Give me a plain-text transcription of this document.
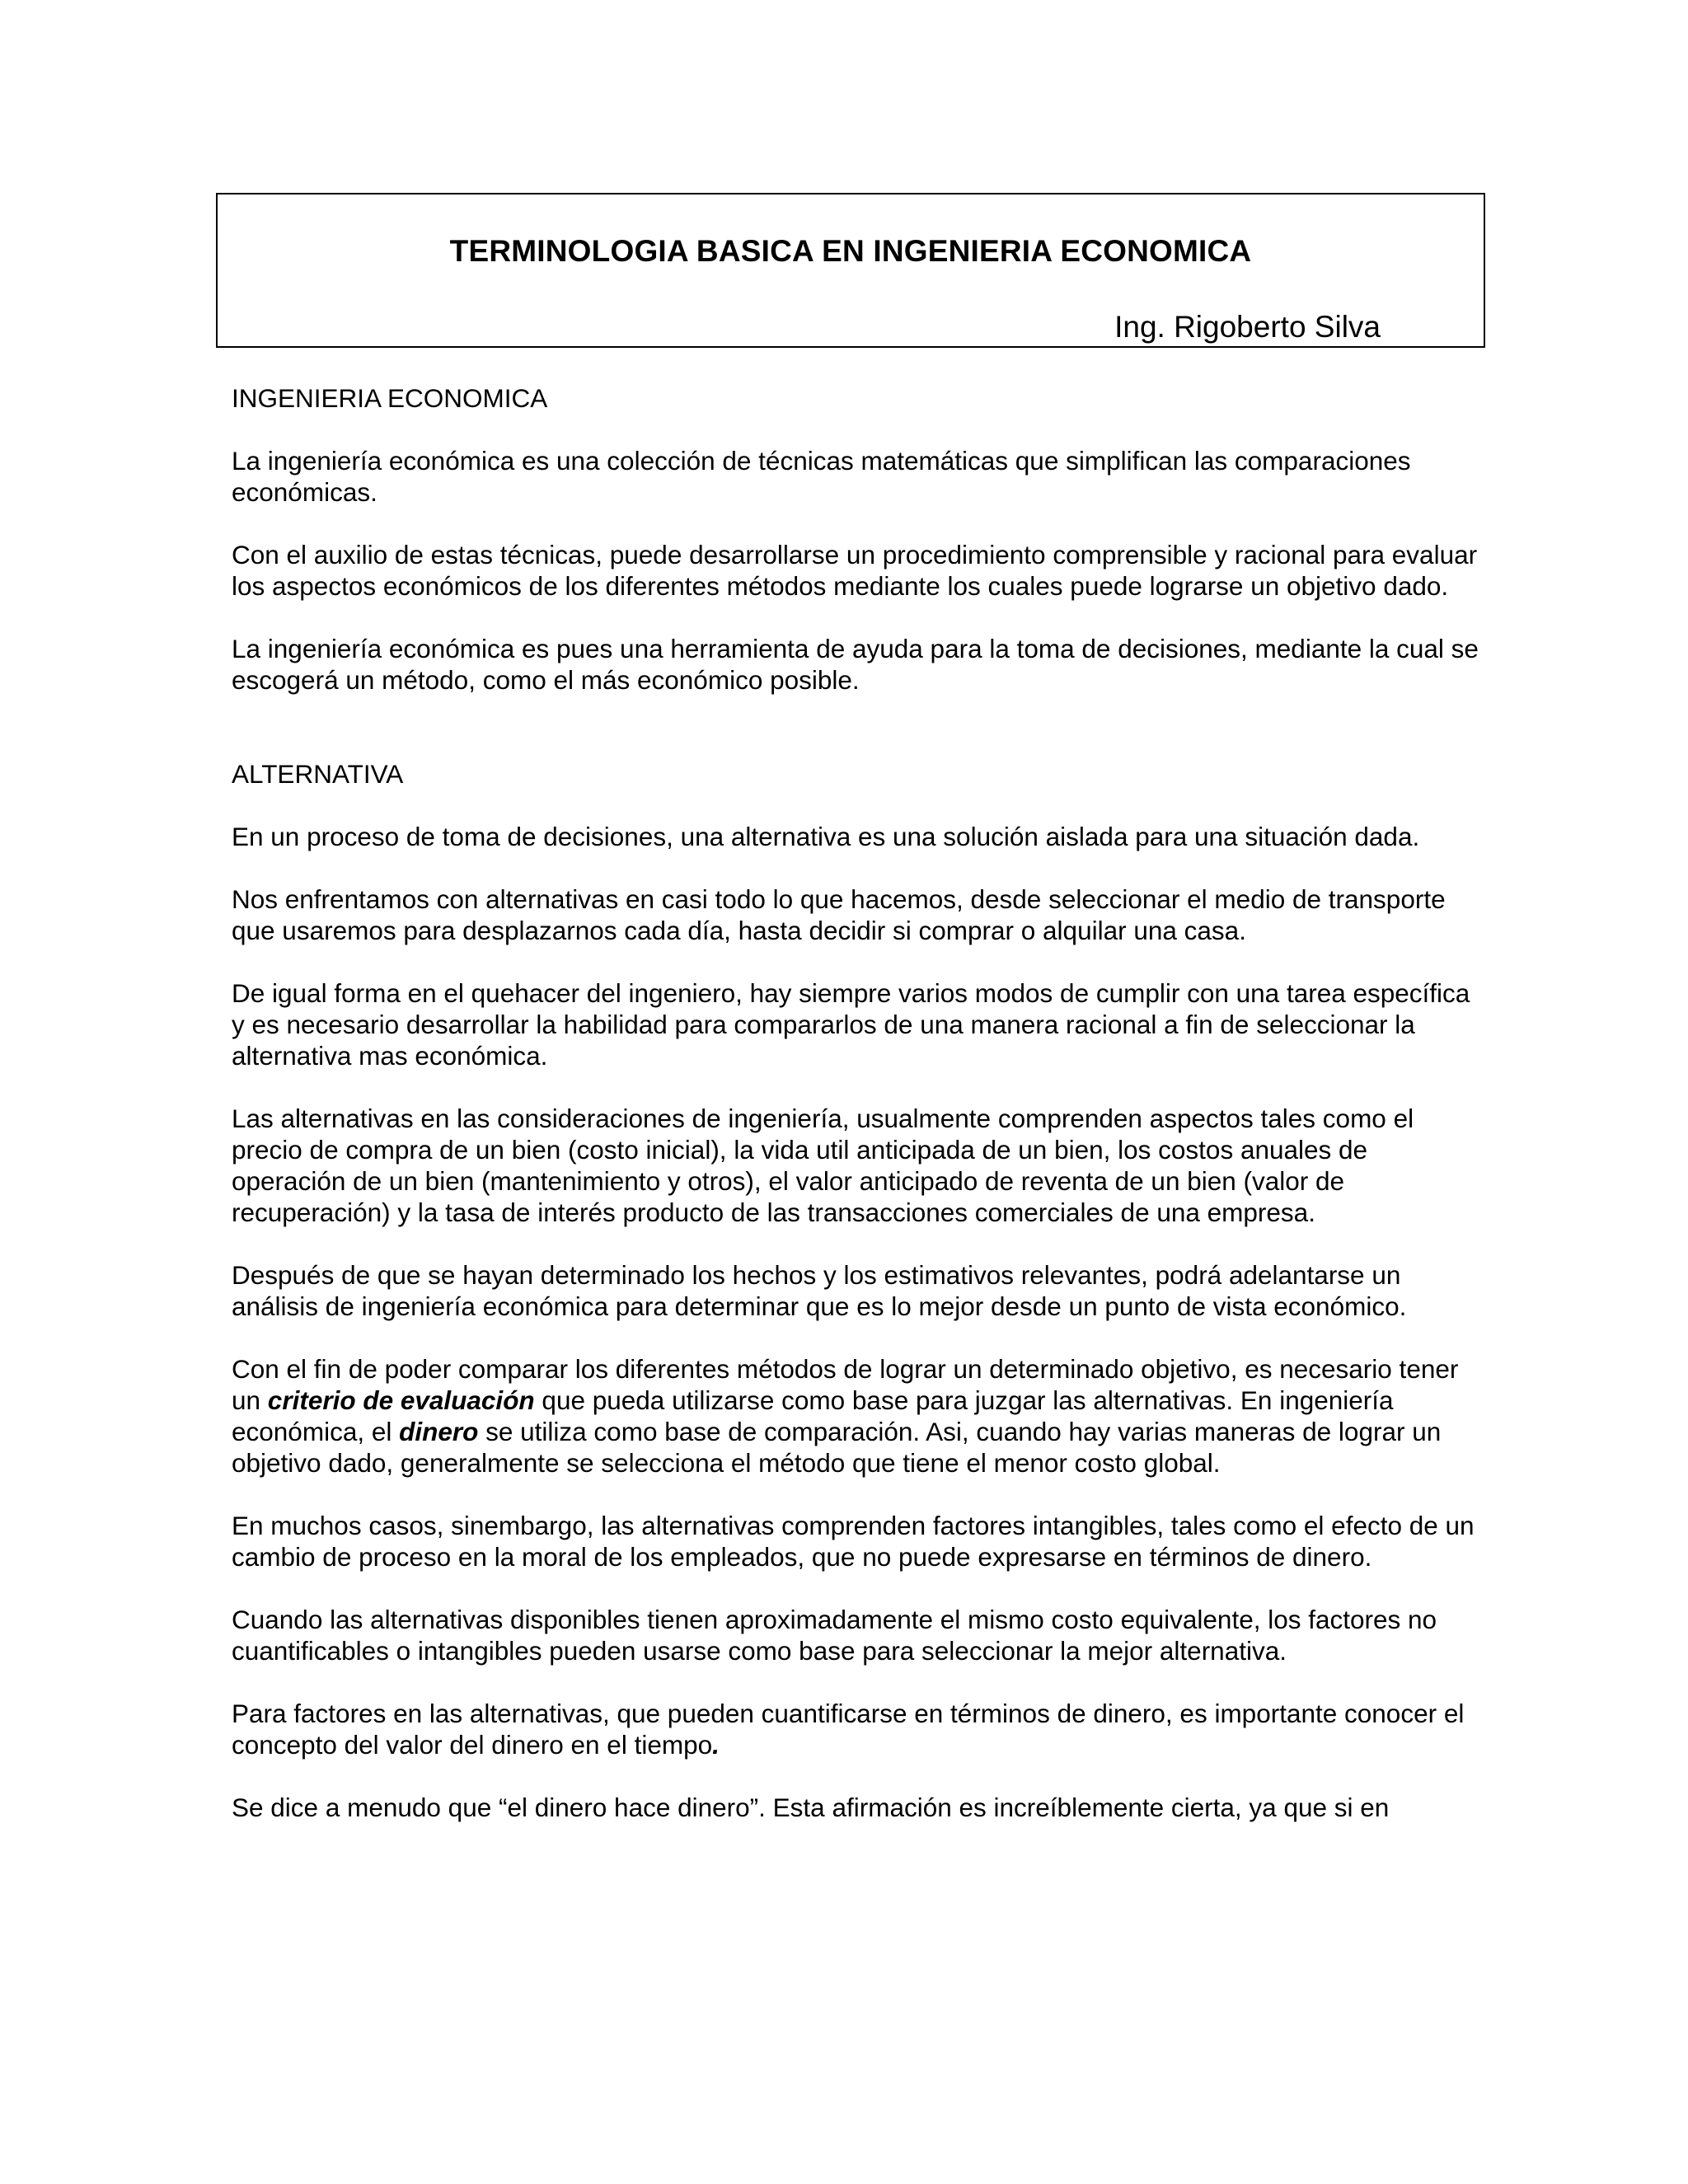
TERMINOLOGIA BASICA EN INGENIERIA ECONOMICA
Ing. Rigoberto Silva

INGENIERIA ECONOMICA

La ingeniería económica es una colección de técnicas matemáticas que simplifican las comparaciones económicas.

Con el auxilio de estas técnicas, puede desarrollarse un procedimiento comprensible y racional para evaluar los aspectos económicos de los diferentes métodos mediante los cuales puede lograrse un objetivo dado.

La ingeniería económica es pues una herramienta de ayuda para la toma de decisiones, mediante la cual se escogerá un método, como el más económico posible.

ALTERNATIVA

En un proceso de toma de decisiones, una alternativa es una solución aislada para una situación dada.

Nos enfrentamos con alternativas en casi todo lo que hacemos, desde seleccionar el medio de transporte que usaremos para desplazarnos cada día, hasta decidir si comprar o alquilar una casa.

De igual forma en el quehacer del ingeniero, hay siempre varios modos de cumplir con una tarea específica y es necesario desarrollar la habilidad para compararlos de una manera racional a fin de seleccionar la alternativa mas económica.

Las alternativas en las consideraciones de ingeniería, usualmente comprenden aspectos tales como el precio de compra de un bien (costo inicial), la vida util anticipada de un bien, los costos anuales de operación de un bien (mantenimiento y otros), el valor anticipado de reventa de un bien (valor de recuperación) y la tasa de interés producto de las transacciones comerciales de una empresa.

Después de que se hayan determinado los hechos y los estimativos relevantes, podrá adelantarse un análisis de ingeniería económica para determinar que es lo mejor desde un punto de vista económico.

Con el fin de poder comparar los diferentes métodos de lograr un determinado objetivo, es necesario tener un criterio de evaluación que pueda utilizarse como base para juzgar las alternativas. En ingeniería económica, el dinero se utiliza como base de comparación. Asi, cuando hay varias maneras de lograr un objetivo dado, generalmente se selecciona el método que tiene el menor costo global.

En muchos casos, sinembargo, las alternativas comprenden factores intangibles, tales como el efecto de un cambio de proceso en la moral de los empleados, que no puede expresarse en términos de dinero.

Cuando las alternativas disponibles tienen aproximadamente el mismo costo equivalente, los factores no cuantificables o intangibles pueden usarse como base para seleccionar la mejor alternativa.

Para factores en las alternativas, que pueden cuantificarse en términos de dinero, es importante conocer el concepto del valor del dinero en el tiempo.

Se dice a menudo que “el dinero hace dinero”. Esta afirmación es increíblemente cierta, ya que si en
